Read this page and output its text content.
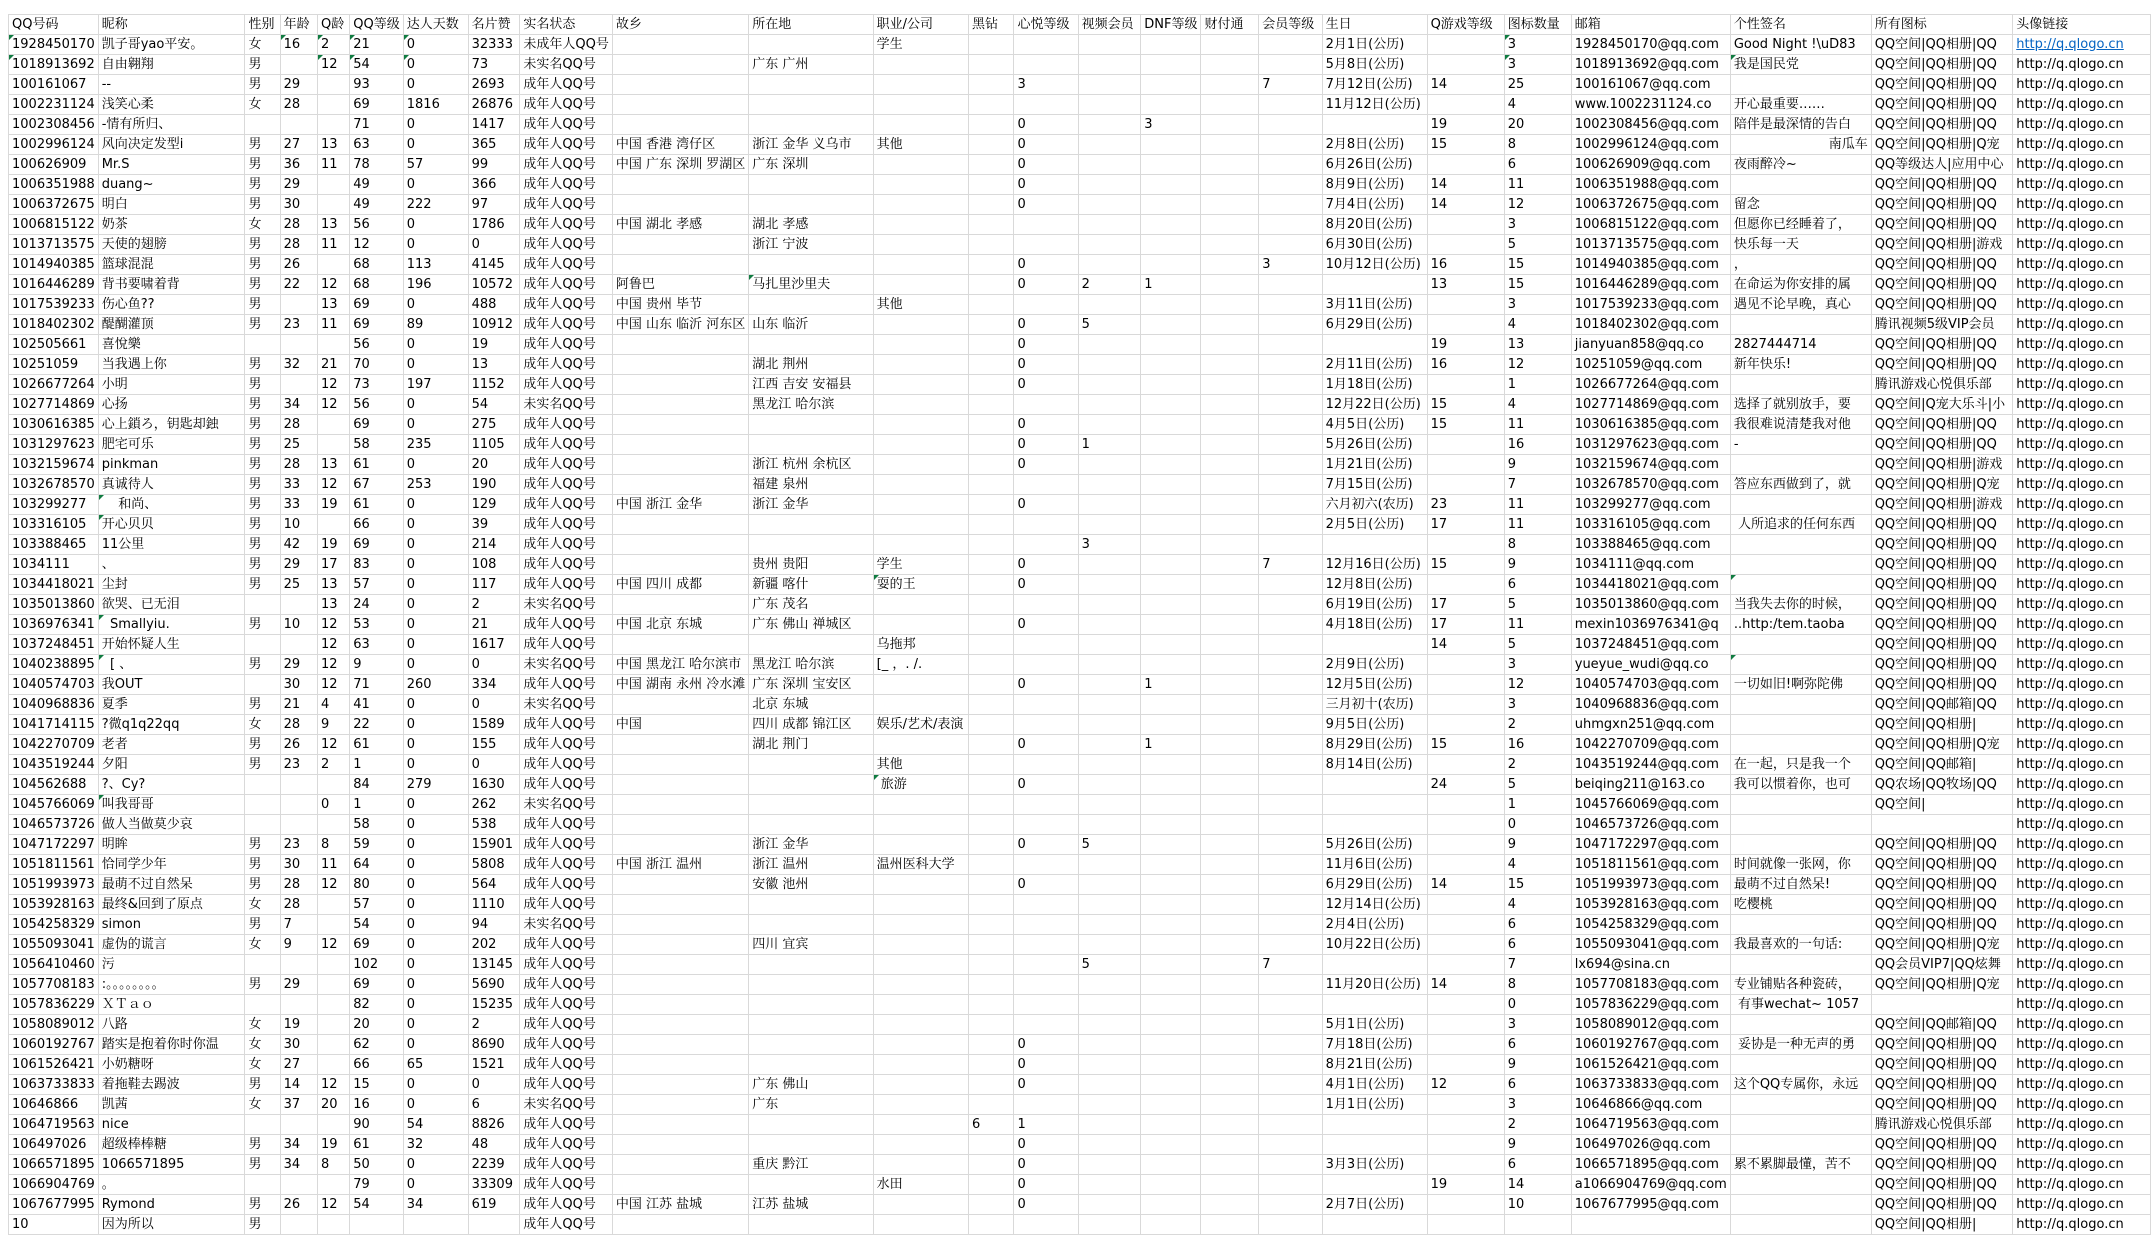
QQ号码	昵称	性别	年龄	Q龄	QQ等级	达人天数	名片赞	实名状态	故乡	所在地	职业/公司	黑钻	心悦等级	视频会员	DNF等级	财付通	会员等级	生日	Q游戏等级	图标数量	邮箱	个性签名	所有图标	头像链接
1928450170	凯子哥yao平安。	女	16	2	21	0	32333	未成年人QQ号			学生							2月1日(公历)		3	1928450170@qq.com	Good Night !\uD83	QQ空间|QQ相册|QQ	http://q.qlogo.cn
1018913692	自由翱翔	男		12	54	0	73	未实名QQ号		广东 广州								5月8日(公历)		3	1018913692@qq.com	我是国民党	QQ空间|QQ相册|QQ	http://q.qlogo.cn
100161067	--	男	29		93	0	2693	成年人QQ号					3				7	7月12日(公历)	14	25	100161067@qq.com		QQ空间|QQ相册|QQ	http://q.qlogo.cn
1002231124	浅笑心柔	女	28		69	1816	26876	成年人QQ号										11月12日(公历)		4	www.1002231124.co	开心最重要……	QQ空间|QQ相册|QQ	http://q.qlogo.cn
1002308456	-情有所归、				71	0	1417	成年人QQ号					0		3				19	20	1002308456@qq.com	陪伴是最深情的告白	QQ空间|QQ相册|QQ	http://q.qlogo.cn
1002996124	风向决定发型i	男	27	13	63	0	365	成年人QQ号	中国 香港 湾仔区	浙江 金华 义乌市	其他		0					2月8日(公历)	15	8	1002996124@qq.com	南瓜车	QQ空间|QQ相册|Q宠	http://q.qlogo.cn
100626909	Mr.S	男	36	11	78	57	99	成年人QQ号	中国 广东 深圳 罗湖区	广东 深圳			0					6月26日(公历)		6	100626909@qq.com	夜雨醉冷~	QQ等级达人|应用中心	http://q.qlogo.cn
1006351988	duang~	男	29		49	0	366	成年人QQ号					0					8月9日(公历)	14	11	1006351988@qq.com		QQ空间|QQ相册|QQ	http://q.qlogo.cn
1006372675	明白	男	30		49	222	97	成年人QQ号					0					7月4日(公历)	14	12	1006372675@qq.com	留念	QQ空间|QQ相册|QQ	http://q.qlogo.cn
1006815122	奶茶	女	28	13	56	0	1786	成年人QQ号	中国 湖北 孝感	湖北 孝感								8月20日(公历)		3	1006815122@qq.com	但愿你已经睡着了，	QQ空间|QQ相册|QQ	http://q.qlogo.cn
1013713575	天使的翅膀	男	28	11	12	0	0	成年人QQ号		浙江 宁波								6月30日(公历)		5	1013713575@qq.com	快乐每一天	QQ空间|QQ相册|游戏	http://q.qlogo.cn
1014940385	篮球混混	男	26		68	113	4145	成年人QQ号					0				3	10月12日(公历)	16	15	1014940385@qq.com	，	QQ空间|QQ相册|QQ	http://q.qlogo.cn
1016446289	背书要啸着背	男	22	12	68	196	10572	成年人QQ号	阿鲁巴	马扎里沙里夫			0	2	1				13	15	1016446289@qq.com	在命运为你安排的属	QQ空间|QQ相册|QQ	http://q.qlogo.cn
1017539233	伤心鱼??	男		13	69	0	488	成年人QQ号	中国 贵州 毕节		其他							3月11日(公历)		3	1017539233@qq.com	遇见不论早晚，真心	QQ空间|QQ相册|QQ	http://q.qlogo.cn
1018402302	醍醐灌顶	男	23	11	69	89	10912	成年人QQ号	中国 山东 临沂 河东区	山东 临沂			0	5				6月29日(公历)		4	1018402302@qq.com		腾讯视频5级VIP会员	http://q.qlogo.cn
102505661	喜悅樂				56	0	19	成年人QQ号					0						19	13	jianyuan858@qq.co	2827444714	QQ空间|QQ相册|QQ	http://q.qlogo.cn
10251059	当我遇上你	男	32	21	70	0	13	成年人QQ号		湖北 荆州			0					2月11日(公历)	16	12	10251059@qq.com	新年快乐!	QQ空间|QQ相册|QQ	http://q.qlogo.cn
1026677264	小明	男		12	73	197	1152	成年人QQ号		江西 吉安 安福县			0					1月18日(公历)		1	1026677264@qq.com		腾讯游戏心悦俱乐部	http://q.qlogo.cn
1027714869	心扬	男	34	12	56	0	54	未实名QQ号		黑龙江 哈尔滨								12月22日(公历)	15	4	1027714869@qq.com	选择了就别放手，要	QQ空间|Q宠大乐斗|小	http://q.qlogo.cn
1030616385	心上鎖ろ，钥匙却鉵	男	28		69	0	275	成年人QQ号					0					4月5日(公历)	15	11	1030616385@qq.com	我很难说清楚我对他	QQ空间|QQ相册|QQ	http://q.qlogo.cn
1031297623	肥宅可乐	男	25		58	235	1105	成年人QQ号					0	1				5月26日(公历)		16	1031297623@qq.com	-	QQ空间|QQ相册|QQ	http://q.qlogo.cn
1032159674	pinkman	男	28	13	61	0	20	成年人QQ号		浙江 杭州 余杭区			0					1月21日(公历)		9	1032159674@qq.com		QQ空间|QQ相册|游戏	http://q.qlogo.cn
1032678570	真诚待人	男	33	12	67	253	190	成年人QQ号		福建 泉州								7月15日(公历)		7	1032678570@qq.com	答应东西做到了，就	QQ空间|QQ相册|Q宠	http://q.qlogo.cn
103299277	和尚、	男	33	19	61	0	129	成年人QQ号	中国 浙江 金华	浙江 金华			0					六月初六(农历)	23	11	103299277@qq.com		QQ空间|QQ相册|游戏	http://q.qlogo.cn
103316105	开心贝贝	男	10		66	0	39	成年人QQ号										2月5日(公历)	17	11	103316105@qq.com	人所追求的任何东西	QQ空间|QQ相册|QQ	http://q.qlogo.cn
103388465	11公里	男	42	19	69	0	214	成年人QQ号						3						8	103388465@qq.com		QQ空间|QQ相册|QQ	http://q.qlogo.cn
1034111	、	男	29	17	83	0	108	成年人QQ号		贵州 贵阳	学生		0				7	12月16日(公历)	15	9	1034111@qq.com		QQ空间|QQ相册|QQ	http://q.qlogo.cn
1034418021	尘封	男	25	13	57	0	117	成年人QQ号	中国 四川 成都	新疆 喀什	耍的王		0					12月8日(公历)		6	1034418021@qq.com		QQ空间|QQ相册|QQ	http://q.qlogo.cn
1035013860	欲哭、已无泪			13	24	0	2	未实名QQ号		广东 茂名								6月19日(公历)	17	5	1035013860@qq.com	当我失去你的时候，	QQ空间|QQ相册|QQ	http://q.qlogo.cn
1036976341	Smallyiu.	男	10	12	53	0	21	成年人QQ号	中国 北京 东城	广东 佛山 禅城区			0					4月18日(公历)	17	11	mexin1036976341@q	..http:/tem.taoba	QQ空间|QQ相册|QQ	http://q.qlogo.cn
1037248451	开始怀疑人生			12	63	0	1617	成年人QQ号			乌拖邦								14	5	1037248451@qq.com		QQ空间|QQ相册|QQ	http://q.qlogo.cn
1040238895	[ 、	男	29	12	9	0	0	未实名QQ号	中国 黑龙江 哈尔滨市	黑龙江 哈尔滨	[_ ，. /.							2月9日(公历)		3	yueyue_wudi@qq.co		QQ空间|QQ相册|QQ	http://q.qlogo.cn
1040574703	我OUT		30	12	71	260	334	成年人QQ号	中国 湖南 永州 冷水滩	广东 深圳 宝安区			0		1			12月5日(公历)		12	1040574703@qq.com	一切如旧!啊弥陀佛	QQ空间|QQ相册|QQ	http://q.qlogo.cn
1040968836	夏季	男	21	4	41	0	0	未实名QQ号		北京 东城								三月初十(农历)		3	1040968836@qq.com		QQ空间|QQ邮箱|QQ	http://q.qlogo.cn
1041714115	?微q1q22qq	女	28	9	22	0	1589	成年人QQ号	中国	四川 成都 锦江区	娱乐/艺术/表演							9月5日(公历)		2	uhmgxn251@qq.com		QQ空间|QQ相册|	http://q.qlogo.cn
1042270709	老者	男	26	12	61	0	155	成年人QQ号		湖北 荆门			0		1			8月29日(公历)	15	16	1042270709@qq.com		QQ空间|QQ相册|Q宠	http://q.qlogo.cn
1043519244	夕阳	男	23	2	1	0	0	成年人QQ号			其他							8月14日(公历)		2	1043519244@qq.com	在一起，只是我一个	QQ空间|QQ邮箱|	http://q.qlogo.cn
104562688	?、Cy?				84	279	1630	成年人QQ号			旅游		0						24	5	beiqing211@163.co	我可以惯着你，也可	QQ农场|QQ牧场|QQ	http://q.qlogo.cn
1045766069	叫我哥哥			0	1	0	262	未实名QQ号												1	1045766069@qq.com		QQ空间|	http://q.qlogo.cn
1046573726	做人当做莫少哀				58	0	538	成年人QQ号												0	1046573726@qq.com			http://q.qlogo.cn
1047172297	明眸	男	23	8	59	0	15901	成年人QQ号		浙江 金华			0	5				5月26日(公历)		9	1047172297@qq.com		QQ空间|QQ相册|QQ	http://q.qlogo.cn
1051811561	恰同学少年	男	30	11	64	0	5808	成年人QQ号	中国 浙江 温州	浙江 温州	温州医科大学							11月6日(公历)		4	1051811561@qq.com	时间就像一张网，你	QQ空间|QQ相册|QQ	http://q.qlogo.cn
1051993973	最萌不过自然呆	男	28	12	80	0	564	成年人QQ号		安徽 池州			0					6月29日(公历)	14	15	1051993973@qq.com	最萌不过自然呆!	QQ空间|QQ相册|QQ	http://q.qlogo.cn
1053928163	最终&回到了原点	女	28		57	0	1110	成年人QQ号										12月14日(公历)		4	1053928163@qq.com	吃樱桃	QQ空间|QQ相册|QQ	http://q.qlogo.cn
1054258329	simon	男	7		54	0	94	未实名QQ号										2月4日(公历)		6	1054258329@qq.com		QQ空间|QQ相册|QQ	http://q.qlogo.cn
1055093041	虚伪的谎言	女	9	12	69	0	202	成年人QQ号		四川 宜宾								10月22日(公历)		6	1055093041@qq.com	我最喜欢的一句话:	QQ空间|QQ相册|Q宠	http://q.qlogo.cn
1056410460	污				102	0	13145	成年人QQ号						5			7			7	lx694@sina.cn		QQ会员VIP7|QQ炫舞	http://q.qlogo.cn
1057708183	:。。。。。。。。	男	29		69	0	5690	成年人QQ号										11月20日(公历)	14	8	1057708183@qq.com	专业铺贴各种瓷砖，	QQ空间|QQ相册|Q宠	http://q.qlogo.cn
1057836229	ＸＴａｏ				82	0	15235	成年人QQ号												0	1057836229@qq.com	有事wechat~ 1057		http://q.qlogo.cn
1058089012	八路	女	19		20	0	2	成年人QQ号										5月1日(公历)		3	1058089012@qq.com		QQ空间|QQ邮箱|QQ	http://q.qlogo.cn
1060192767	踏实是抱着你时你温	女	30		62	0	8690	成年人QQ号					0					7月18日(公历)		6	1060192767@qq.com	妥协是一种无声的勇	QQ空间|QQ相册|QQ	http://q.qlogo.cn
1061526421	小奶糖呀	女	27		66	65	1521	成年人QQ号					0					8月21日(公历)		9	1061526421@qq.com		QQ空间|QQ相册|QQ	http://q.qlogo.cn
1063733833	着拖鞋去踢波	男	14	12	15	0	0	成年人QQ号		广东 佛山			0					4月1日(公历)	12	6	1063733833@qq.com	这个QQ专属你，永远	QQ空间|QQ相册|QQ	http://q.qlogo.cn
10646866	凯茜	女	37	20	16	0	6	未实名QQ号		广东								1月1日(公历)		3	10646866@qq.com		QQ空间|QQ相册|QQ	http://q.qlogo.cn
1064719563	nice				90	54	8826	成年人QQ号				6	1							2	1064719563@qq.com		腾讯游戏心悦俱乐部	http://q.qlogo.cn
106497026	超级棒棒糖	男	34	19	61	32	48	成年人QQ号					0							9	106497026@qq.com		QQ空间|QQ相册|QQ	http://q.qlogo.cn
1066571895	1066571895	男	34	8	50	0	2239	成年人QQ号		重庆 黔江			0					3月3日(公历)		6	1066571895@qq.com	累不累脚最懂，苦不	QQ空间|QQ相册|QQ	http://q.qlogo.cn
1066904769	。				79	0	33309	成年人QQ号			水田		0						19	14	a1066904769@qq.com		QQ空间|QQ相册|QQ	http://q.qlogo.cn
1067677995	Rymond	男	26	12	54	34	619	成年人QQ号	中国 江苏 盐城	江苏 盐城			0					2月7日(公历)		10	1067677995@qq.com		QQ空间|QQ相册|QQ	http://q.qlogo.cn
10	因为所以	男						成年人QQ号															QQ空间|QQ相册|	http://q.qlogo.cn
